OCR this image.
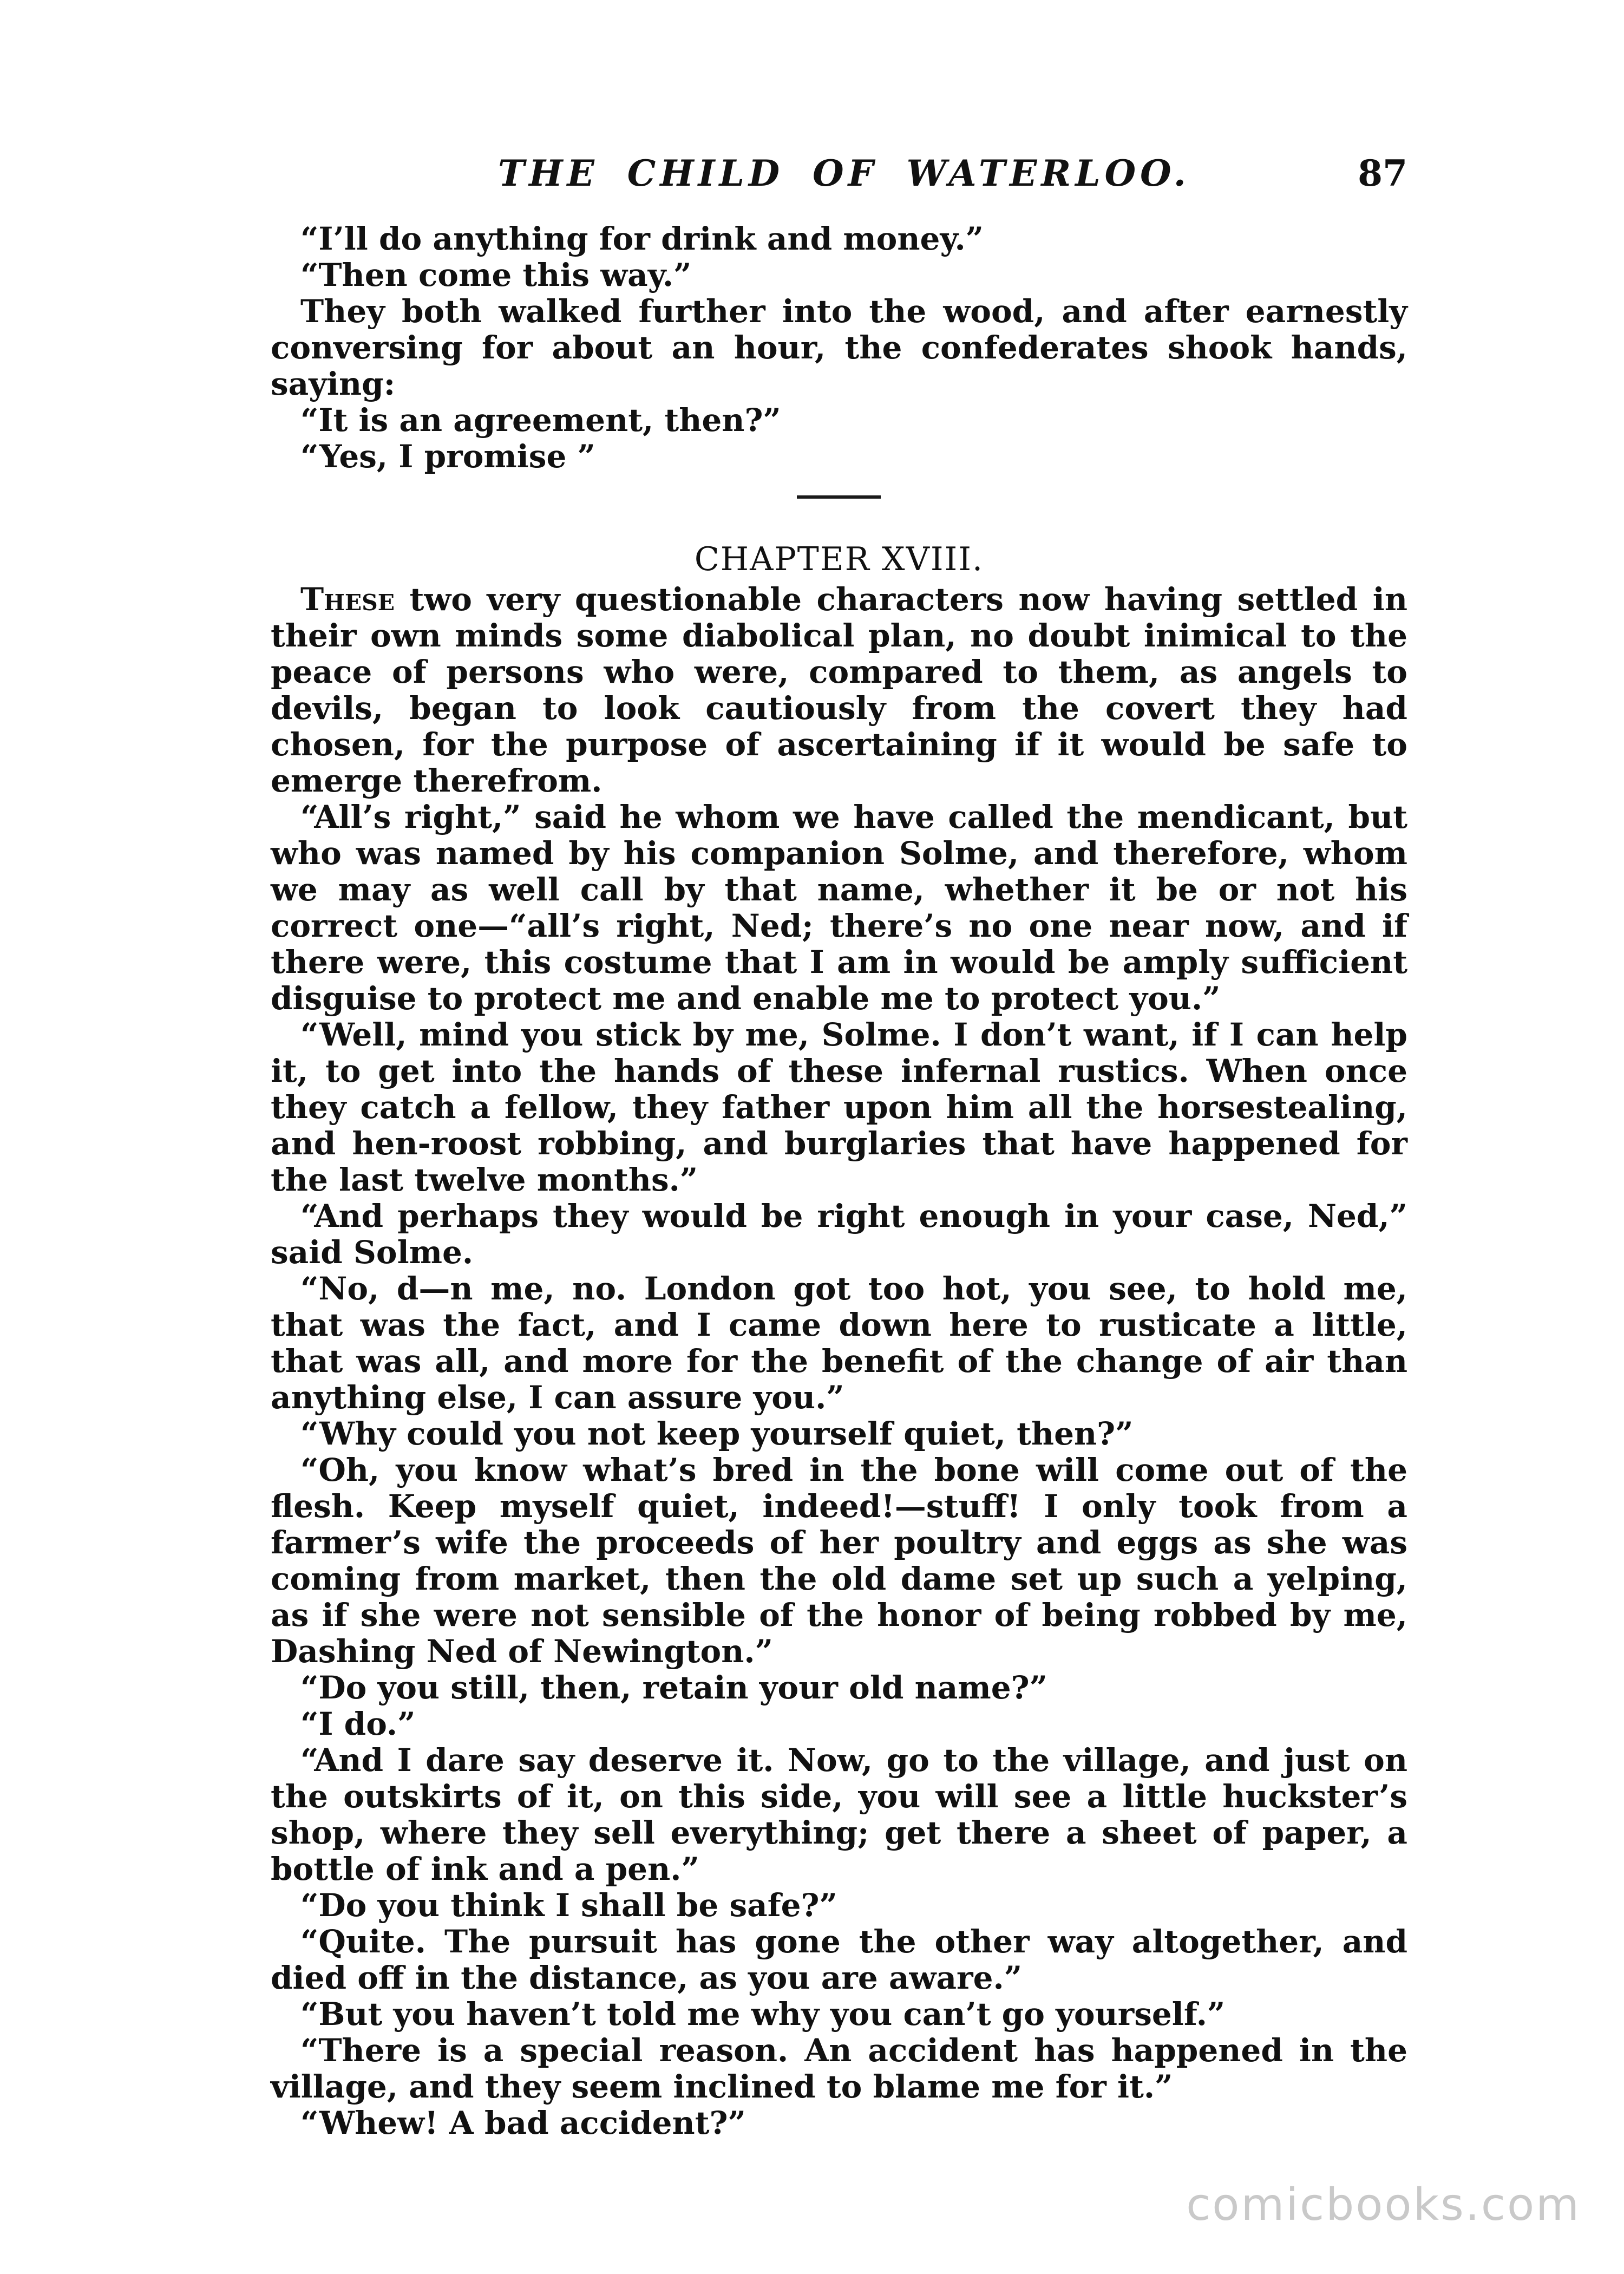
THE CHILD OF WATERLOO.	87

“I’ll do anything for drink and money.”

“Then come this way.”

They both walked further into the wood, and after earnestly conversing for about an hour, the confederates shook hands, saying:

“It is an agreement, then?”

“Yes, I promise ”

CHAPTER XVIII.

These two very questionable characters now having settled in their own minds some diabolical plan, no doubt inimical to the peace of persons who were, compared to them, as angels to devils, began to look cautiously from the covert they had chosen, for the purpose of ascertaining if it would be safe to emerge therefrom.

“All’s right,” said he whom we have called the mendicant, but who was named by his companion Solme, and therefore, whom we may as well call by that name, whether it be or not his correct one—“all’s right, Ned; there’s no one near now, and if there were, this costume that I am in would be amply sufficient disguise to protect me and enable me to protect you.”

“Well, mind you stick by me, Solme. I don’t want, if I can help it, to get into the hands of these infernal rustics. When once they catch a fellow, they father upon him all the horsestealing, and hen-roost robbing, and burglaries that have happened for the last twelve months.”

“And perhaps they would be right enough in your case, Ned,” said Solme.

“No, d—n me, no. London got too hot, you see, to hold me, that was the fact, and I came down here to rusticate a little, that was all, and more for the benefit of the change of air than anything else, I can assure you.”

“Why could you not keep yourself quiet, then?”

“Oh, you know what’s bred in the bone will come out of the flesh. Keep myself quiet, indeed!—stuff! I only took from a farmer’s wife the proceeds of her poultry and eggs as she was coming from market, then the old dame set up such a yelping, as if she were not sensible of the honor of being robbed by me, Dashing Ned of Newington.”

“Do you still, then, retain your old name?”

“I do.”

“And I dare say deserve it. Now, go to the village, and just on the outskirts of it, on this side, you will see a little huckster’s shop, where they sell everything; get there a sheet of paper, a bottle of ink and a pen.”

“Do you think I shall be safe?”

“Quite. The pursuit has gone the other way altogether, and died off in the distance, as you are aware.”

“But you haven’t told me why you can’t go yourself.”

“There is a special reason. An accident has happened in the village, and they seem inclined to blame me for it.”

“Whew! A bad accident?”

comicbooks.com
